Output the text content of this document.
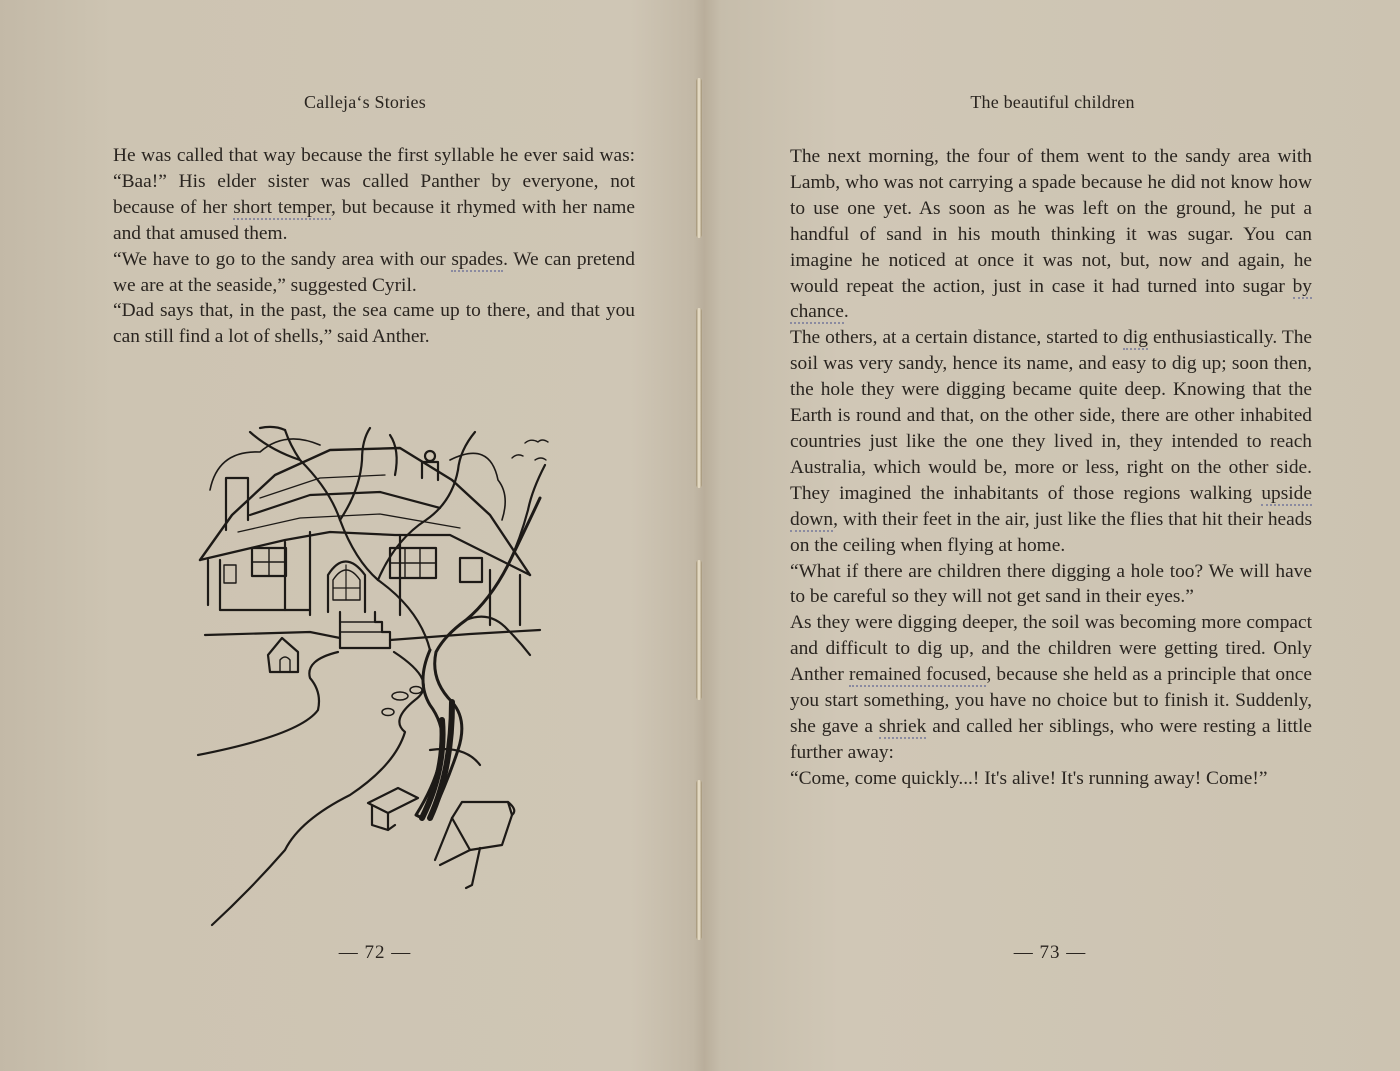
Calleja‘s Stories

He was called that way because the first syllable he ever said was: “Baa!” His elder sister was called Panther by everyone, not because of her short temper, but because it rhymed with her name and that amused them.

“We have to go to the sandy area with our spades. We can pretend we are at the seaside,” suggested Cyril.

“Dad says that, in the past, the sea came up to there, and that you can still find a lot of shells,” said Anther.

— 72 —
The beautiful children

The next morning, the four of them went to the sandy area with Lamb, who was not carrying a spade because he did not know how to use one yet. As soon as he was left on the ground, he put a handful of sand in his mouth thinking it was sugar. You can imagine he noticed at once it was not, but, now and again, he would repeat the action, just in case it had turned into sugar by chance.

The others, at a certain distance, started to dig enthusiastically. The soil was very sandy, hence its name, and easy to dig up; soon then, the hole they were digging became quite deep. Knowing that the Earth is round and that, on the other side, there are other inhabited countries just like the one they lived in, they intended to reach Australia, which would be, more or less, right on the other side. They imagined the inhabitants of those regions walking upside down, with their feet in the air, just like the flies that hit their heads on the ceiling when flying at home.

“What if there are children there digging a hole too? We will have to be careful so they will not get sand in their eyes.”

As they were digging deeper, the soil was becoming more compact and difficult to dig up, and the children were getting tired. Only Anther remained focused, because she held as a principle that once you start something, you have no choice but to finish it. Suddenly, she gave a shriek and called her siblings, who were resting a little further away:

“Come, come quickly...! It's alive! It's running away! Come!”

— 73 —
